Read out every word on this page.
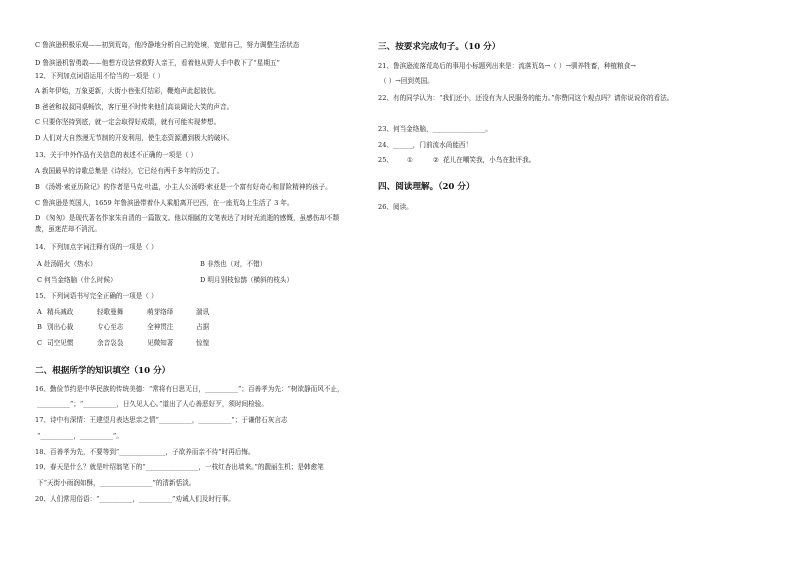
C 鲁滨逊积极乐观——初到荒岛，他冷静地分析自己的处境，宽慰自己，努力调整生活状态
D 鲁滨逊机智勇敢——他想方设法营救野人亲王，看着他从野人手中救下了“星期五”
12、下列加点词语运用不恰当的一项是（ ）
A 新年伊始，万象更新，大街小巷张灯结彩，鞭炮声此起彼伏。
B 爸爸和叔叔同桌畅饮，客厅里不时传来他们高谈阔论大笑的声音。
C 只要你坚持到底，就一定会取得好成绩，就有可能实现梦想。
D 人们对大自然漫无节制的开发利用，使生态资源遭到极大的破坏。
13、关于中外作品有关信息的表述不正确的一项是（ ）
A 我国最早的诗歌总集是《诗经》，它已经有两千多年的历史了。
B 《汤姆·索亚历险记》的作者是马克·吐温，小主人公汤姆·索亚是一个富有好奇心和冒险精神的孩子。
C 鲁滨逊是英国人，1659 年鲁滨逊带着仆人乘船离开巴西，在一座荒岛上生活了 3 年。
D 《匆匆》是现代著名作家朱自清的一篇散文。他以细腻的文笔表达了对时光流逝的感慨，虽感伤却不颓
废，虽迷茫却不消沉。
14、下列加点字词注释有误的一项是（ ）
A 赴汤蹈火（热水）	B 非然也（对，不错）
C 何当金络脑（什么时候）	D 明月别枝惊鹊（横斜的枝头）
15、下列词语书写完全正确的一项是（ ）
A 精兵减政	轻歌曼舞	萌芽络绎	湍讯
B 别出心裁	专心至志	全神贯注	占据
C 司空见惯	余音袅袅	见微知著	惊惶
二、根据所学的知识填空（10 分）
16、勤俭节约是中华民族的传统美德：“常将有日思无日，__________”；百善孝为先：“树欲静而风不止，
__________”；“__________，日久见人心。”道出了人心善恶好歹，须时间检验。
17、诗中有深情：王建望月表达思亲之情“__________，__________”；于谦借石灰言志
“__________，__________”。
18、百善孝为先，不要等到“______________，子欲养而亲不待”时再后悔。
19、春天是什么？就是叶绍翁笔下的“________________，一枝红杏出墙来。”的靓丽生机；是韩愈笔
下“天街小雨润如酥，________________”的清新恬淡。
20、人们常用俗语：“__________，__________”劝诫人们及时行事。
三、按要求完成句子。（10 分）
21、鲁滨逊流落荒岛后的事用小标题列出来是：流落荒岛→（ ）→驯养牲畜，种植粮食→
（ ）→回到英国。
22、有的同学认为：“我们还小，还没有为人民服务的能力。”你赞同这个观点吗？请你说说你的看法。
23、何当金络脑，________________。
24、______，门前流水尚能西！
25、 ①	② 花儿在嘲笑我，小鸟在批评我。
四、阅读理解。（20 分）
26、阅读。
